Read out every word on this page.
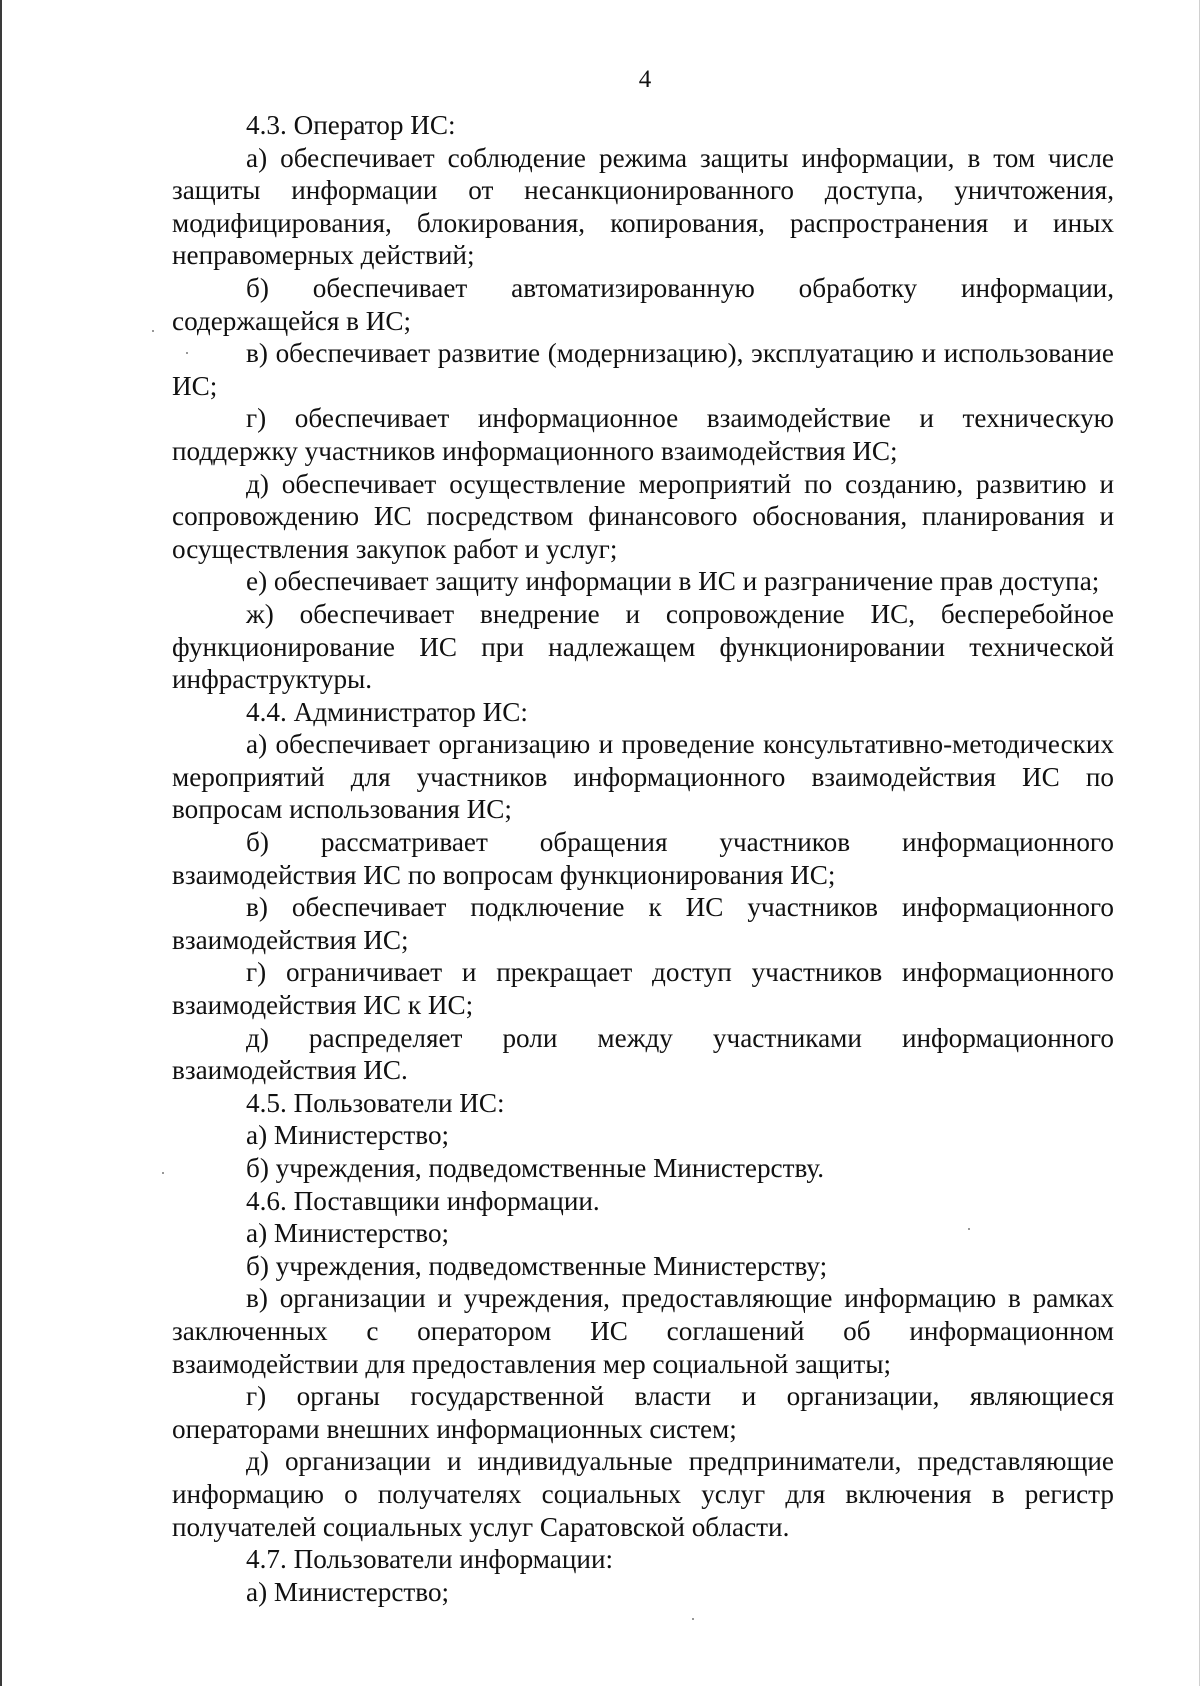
4

4.3. Оператор ИС:

а) обеспечивает соблюдение режима защиты информации, в том числе защиты информации от несанкционированного доступа, уничтожения, модифицирования, блокирования, копирования, распространения и иных неправомерных действий;

б) обеспечивает автоматизированную обработку информации, содержащейся в ИС;

в) обеспечивает развитие (модернизацию), эксплуатацию и использование ИС;

г) обеспечивает информационное взаимодействие и техническую поддержку участников информационного взаимодействия ИС;

д) обеспечивает осуществление мероприятий по созданию, развитию и сопровождению ИС посредством финансового обоснования, планирования и осуществления закупок работ и услуг;

е) обеспечивает защиту информации в ИС и разграничение прав доступа;

ж) обеспечивает внедрение и сопровождение ИС, бесперебойное функционирование ИС при надлежащем функционировании технической инфраструктуры.

4.4. Администратор ИС:

а) обеспечивает организацию и проведение консультативно-методических мероприятий для участников информационного взаимодействия ИС по вопросам использования ИС;

б) рассматривает обращения участников информационного взаимодействия ИС по вопросам функционирования ИС;

в) обеспечивает подключение к ИС участников информационного взаимодействия ИС;

г) ограничивает и прекращает доступ участников информационного взаимодействия ИС к ИС;

д) распределяет роли между участниками информационного взаимодействия ИС.

4.5. Пользователи ИС:

а) Министерство;

б) учреждения, подведомственные Министерству.

4.6. Поставщики информации.

а) Министерство;

б) учреждения, подведомственные Министерству;

в) организации и учреждения, предоставляющие информацию в рамках заключенных с оператором ИС соглашений об информационном взаимодействии для предоставления мер социальной защиты;

г) органы государственной власти и организации, являющиеся операторами внешних информационных систем;

д) организации и индивидуальные предприниматели, представляющие информацию о получателях социальных услуг для включения в регистр получателей социальных услуг Саратовской области.

4.7. Пользователи информации:

а) Министерство;
